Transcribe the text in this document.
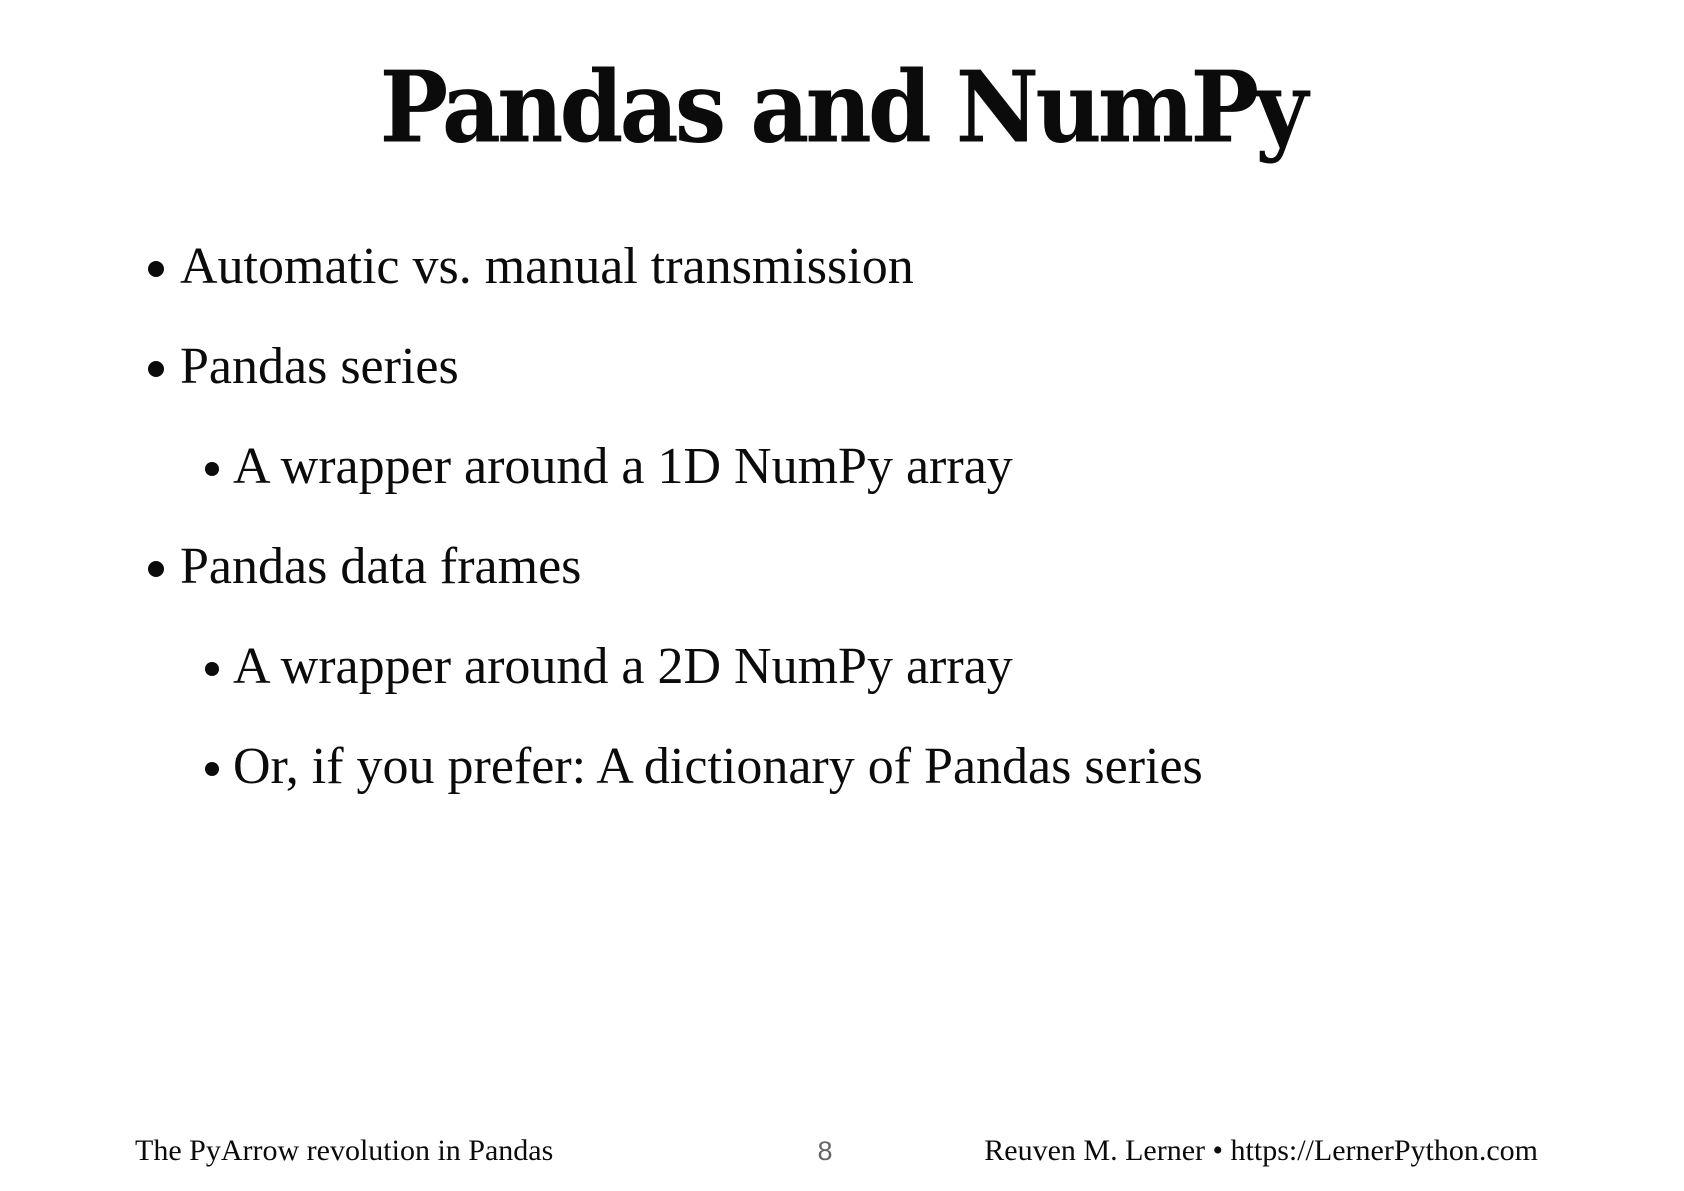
Pandas and NumPy
Automatic vs. manual transmission
Pandas series
A wrapper around a 1D NumPy array
Pandas data frames
A wrapper around a 2D NumPy array
Or, if you prefer: A dictionary of Pandas series
The PyArrow revolution in Pandas	8	Reuven M. Lerner • https://LernerPython.com
